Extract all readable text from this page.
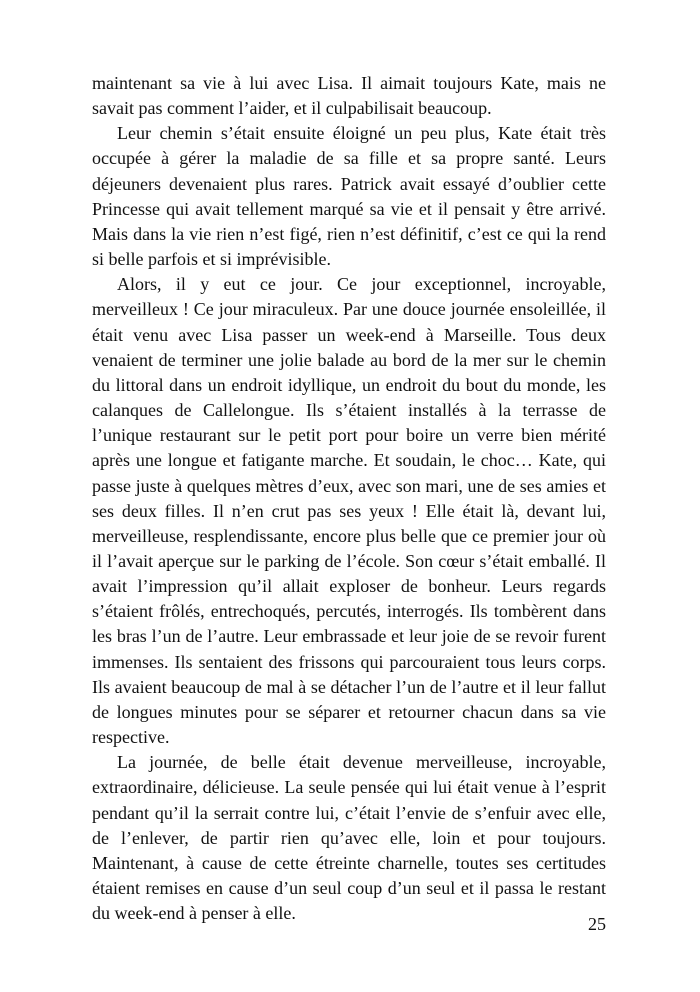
maintenant sa vie à lui avec Lisa. Il aimait toujours Kate, mais ne savait pas comment l’aider, et il culpabilisait beaucoup.

Leur chemin s’était ensuite éloigné un peu plus, Kate était très occupée à gérer la maladie de sa fille et sa propre santé. Leurs déjeuners devenaient plus rares. Patrick avait essayé d’oublier cette Princesse qui avait tellement marqué sa vie et il pensait y être arrivé. Mais dans la vie rien n’est figé, rien n’est définitif, c’est ce qui la rend si belle parfois et si imprévisible.

Alors, il y eut ce jour. Ce jour exceptionnel, incroyable, merveilleux ! Ce jour miraculeux. Par une douce journée ensoleillée, il était venu avec Lisa passer un week-end à Marseille. Tous deux venaient de terminer une jolie balade au bord de la mer sur le chemin du littoral dans un endroit idyllique, un endroit du bout du monde, les calanques de Callelongue. Ils s’étaient installés à la terrasse de l’unique restaurant sur le petit port pour boire un verre bien mérité après une longue et fatigante marche. Et soudain, le choc… Kate, qui passe juste à quelques mètres d’eux, avec son mari, une de ses amies et ses deux filles. Il n’en crut pas ses yeux ! Elle était là, devant lui, merveilleuse, resplendissante, encore plus belle que ce premier jour où il l’avait aperçue sur le parking de l’école. Son cœur s’était emballé. Il avait l’impression qu’il allait exploser de bonheur. Leurs regards s’étaient frôlés, entrechoqués, percutés, interrogés. Ils tombèrent dans les bras l’un de l’autre. Leur embrassade et leur joie de se revoir furent immenses. Ils sentaient des frissons qui parcouraient tous leurs corps. Ils avaient beaucoup de mal à se détacher l’un de l’autre et il leur fallut de longues minutes pour se séparer et retourner chacun dans sa vie respective.

La journée, de belle était devenue merveilleuse, incroyable, extraordinaire, délicieuse. La seule pensée qui lui était venue à l’esprit pendant qu’il la serrait contre lui, c’était l’envie de s’enfuir avec elle, de l’enlever, de partir rien qu’avec elle, loin et pour toujours. Maintenant, à cause de cette étreinte charnelle, toutes ses certitudes étaient remises en cause d’un seul coup d’un seul et il passa le restant du week-end à penser à elle.

25
